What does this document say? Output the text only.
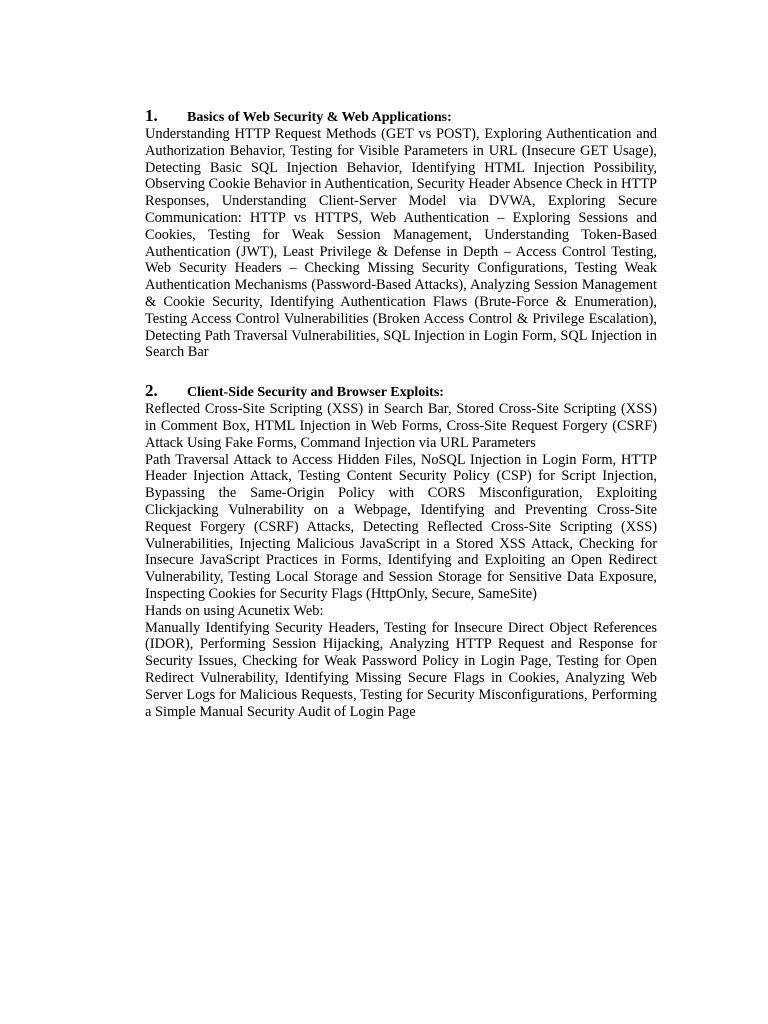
1.	Basics of Web Security & Web Applications:

Understanding HTTP Request Methods (GET vs POST), Exploring Authentication and Authorization Behavior, Testing for Visible Parameters in URL (Insecure GET Usage), Detecting Basic SQL Injection Behavior, Identifying HTML Injection Possibility, Observing Cookie Behavior in Authentication, Security Header Absence Check in HTTP Responses, Understanding Client-Server Model via DVWA, Exploring Secure Communication: HTTP vs HTTPS, Web Authentication – Exploring Sessions and Cookies, Testing for Weak Session Management, Understanding Token-Based Authentication (JWT), Least Privilege & Defense in Depth – Access Control Testing, Web Security Headers – Checking Missing Security Configurations, Testing Weak Authentication Mechanisms (Password-Based Attacks), Analyzing Session Management & Cookie Security, Identifying Authentication Flaws (Brute-Force & Enumeration), Testing Access Control Vulnerabilities (Broken Access Control & Privilege Escalation), Detecting Path Traversal Vulnerabilities, SQL Injection in Login Form, SQL Injection in Search Bar

2.	Client-Side Security and Browser Exploits:

Reflected Cross-Site Scripting (XSS) in Search Bar, Stored Cross-Site Scripting (XSS) in Comment Box, HTML Injection in Web Forms, Cross-Site Request Forgery (CSRF) Attack Using Fake Forms, Command Injection via URL Parameters

Path Traversal Attack to Access Hidden Files, NoSQL Injection in Login Form, HTTP Header Injection Attack, Testing Content Security Policy (CSP) for Script Injection, Bypassing the Same-Origin Policy with CORS Misconfiguration, Exploiting Clickjacking Vulnerability on a Webpage, Identifying and Preventing Cross-Site Request Forgery (CSRF) Attacks, Detecting Reflected Cross-Site Scripting (XSS) Vulnerabilities, Injecting Malicious JavaScript in a Stored XSS Attack, Checking for Insecure JavaScript Practices in Forms, Identifying and Exploiting an Open Redirect Vulnerability, Testing Local Storage and Session Storage for Sensitive Data Exposure, Inspecting Cookies for Security Flags (HttpOnly, Secure, SameSite)

Hands on using Acunetix Web:

Manually Identifying Security Headers, Testing for Insecure Direct Object References (IDOR), Performing Session Hijacking, Analyzing HTTP Request and Response for Security Issues, Checking for Weak Password Policy in Login Page, Testing for Open Redirect Vulnerability, Identifying Missing Secure Flags in Cookies, Analyzing Web Server Logs for Malicious Requests, Testing for Security Misconfigurations, Performing a Simple Manual Security Audit of Login Page
